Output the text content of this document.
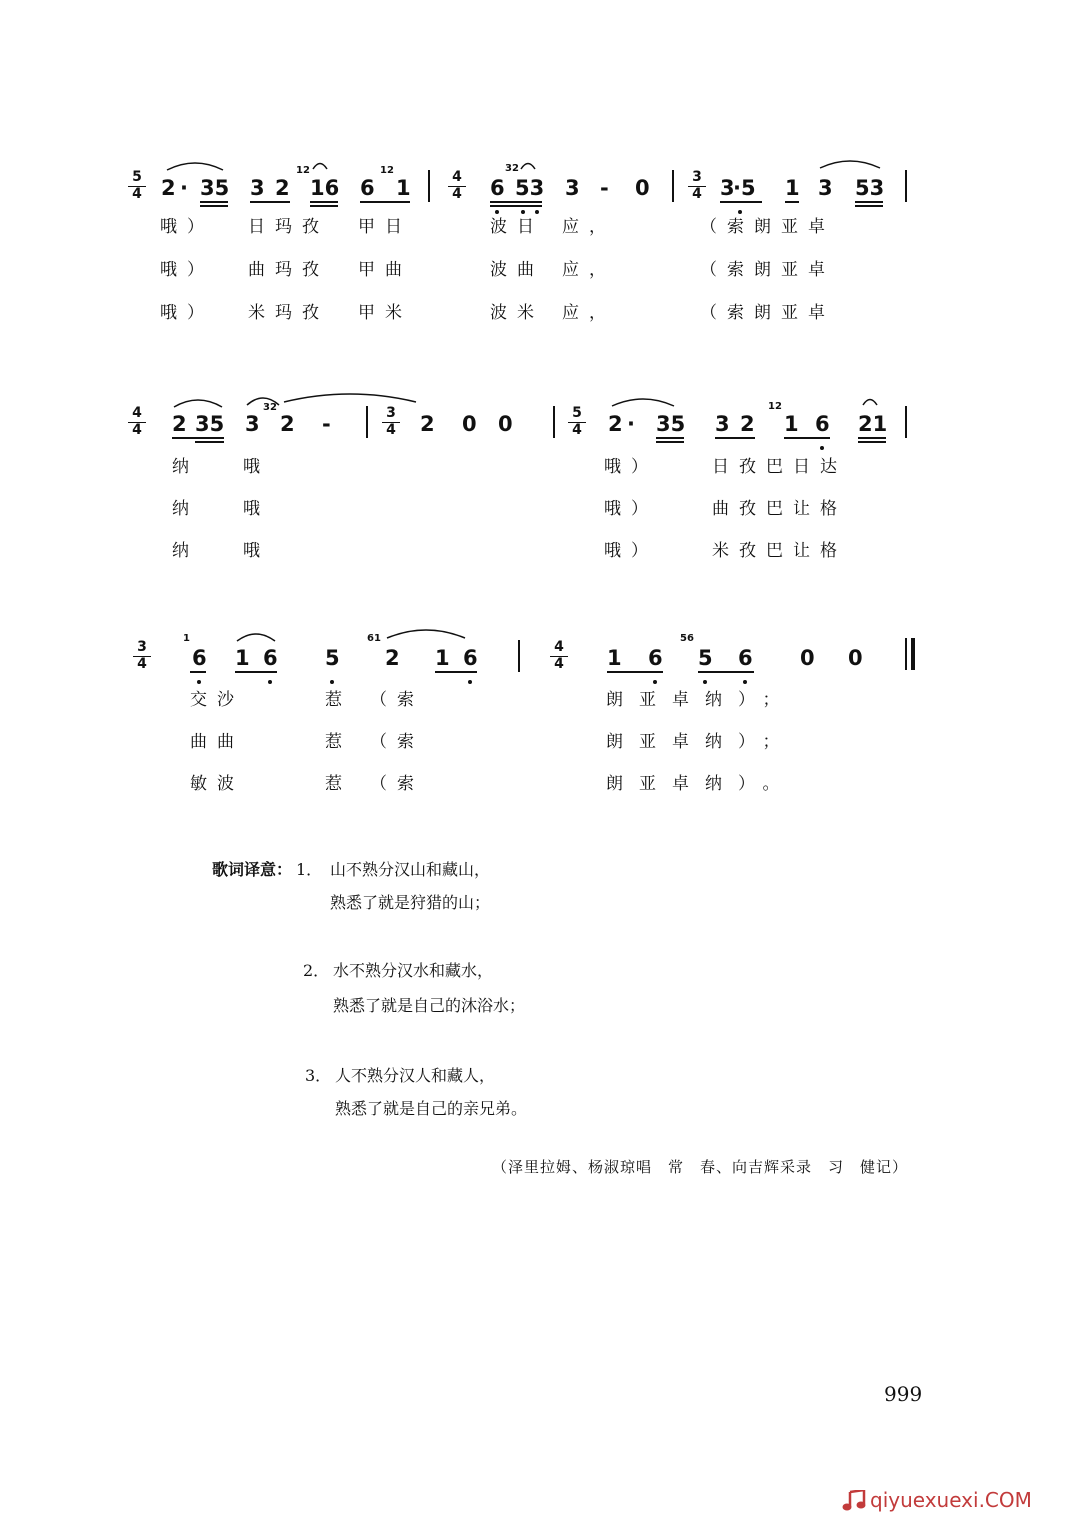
5
4 2 · 35 3 2
12
16 6
12
1	4
4 6
32
53 3 - 0	3
4 3
·5 1 3 53
哦） 日玛孜 甲日	波日 应，	（索朗亚卓
哦） 曲玛孜 甲曲	波曲 应，	（索朗亚卓
哦） 米玛孜 甲米	波米 应，	（索朗亚卓
4
4 2 35 3
32
2 -	3
4 2 0 0	5
4 2 · 35 3 2
12
1 6 21
纳	哦	哦）	日孜巴日达
纳	哦	哦）	曲孜巴让格
纳	哦	哦）	米孜巴让格
3
4
1
6 1 6 5
61
2 1 6	4
4 1 6
56
5 6 0 0
交沙	惹 （索	朗亚卓纳）；
曲曲	惹 （索	朗亚卓纳）；
敏波	惹 （索	朗亚卓纳）。
歌词译意： 1． 山不熟分汉山和藏山，
熟悉了就是狩猎的山；
2． 水不熟分汉水和藏水，
熟悉了就是自己的沐浴水；
3． 人不熟分汉人和藏人，
熟悉了就是自己的亲兄弟。
（泽里拉姆、杨淑琼唱　常　春、向吉辉采录　习　健记）
999
qiyuexuexi.COM
